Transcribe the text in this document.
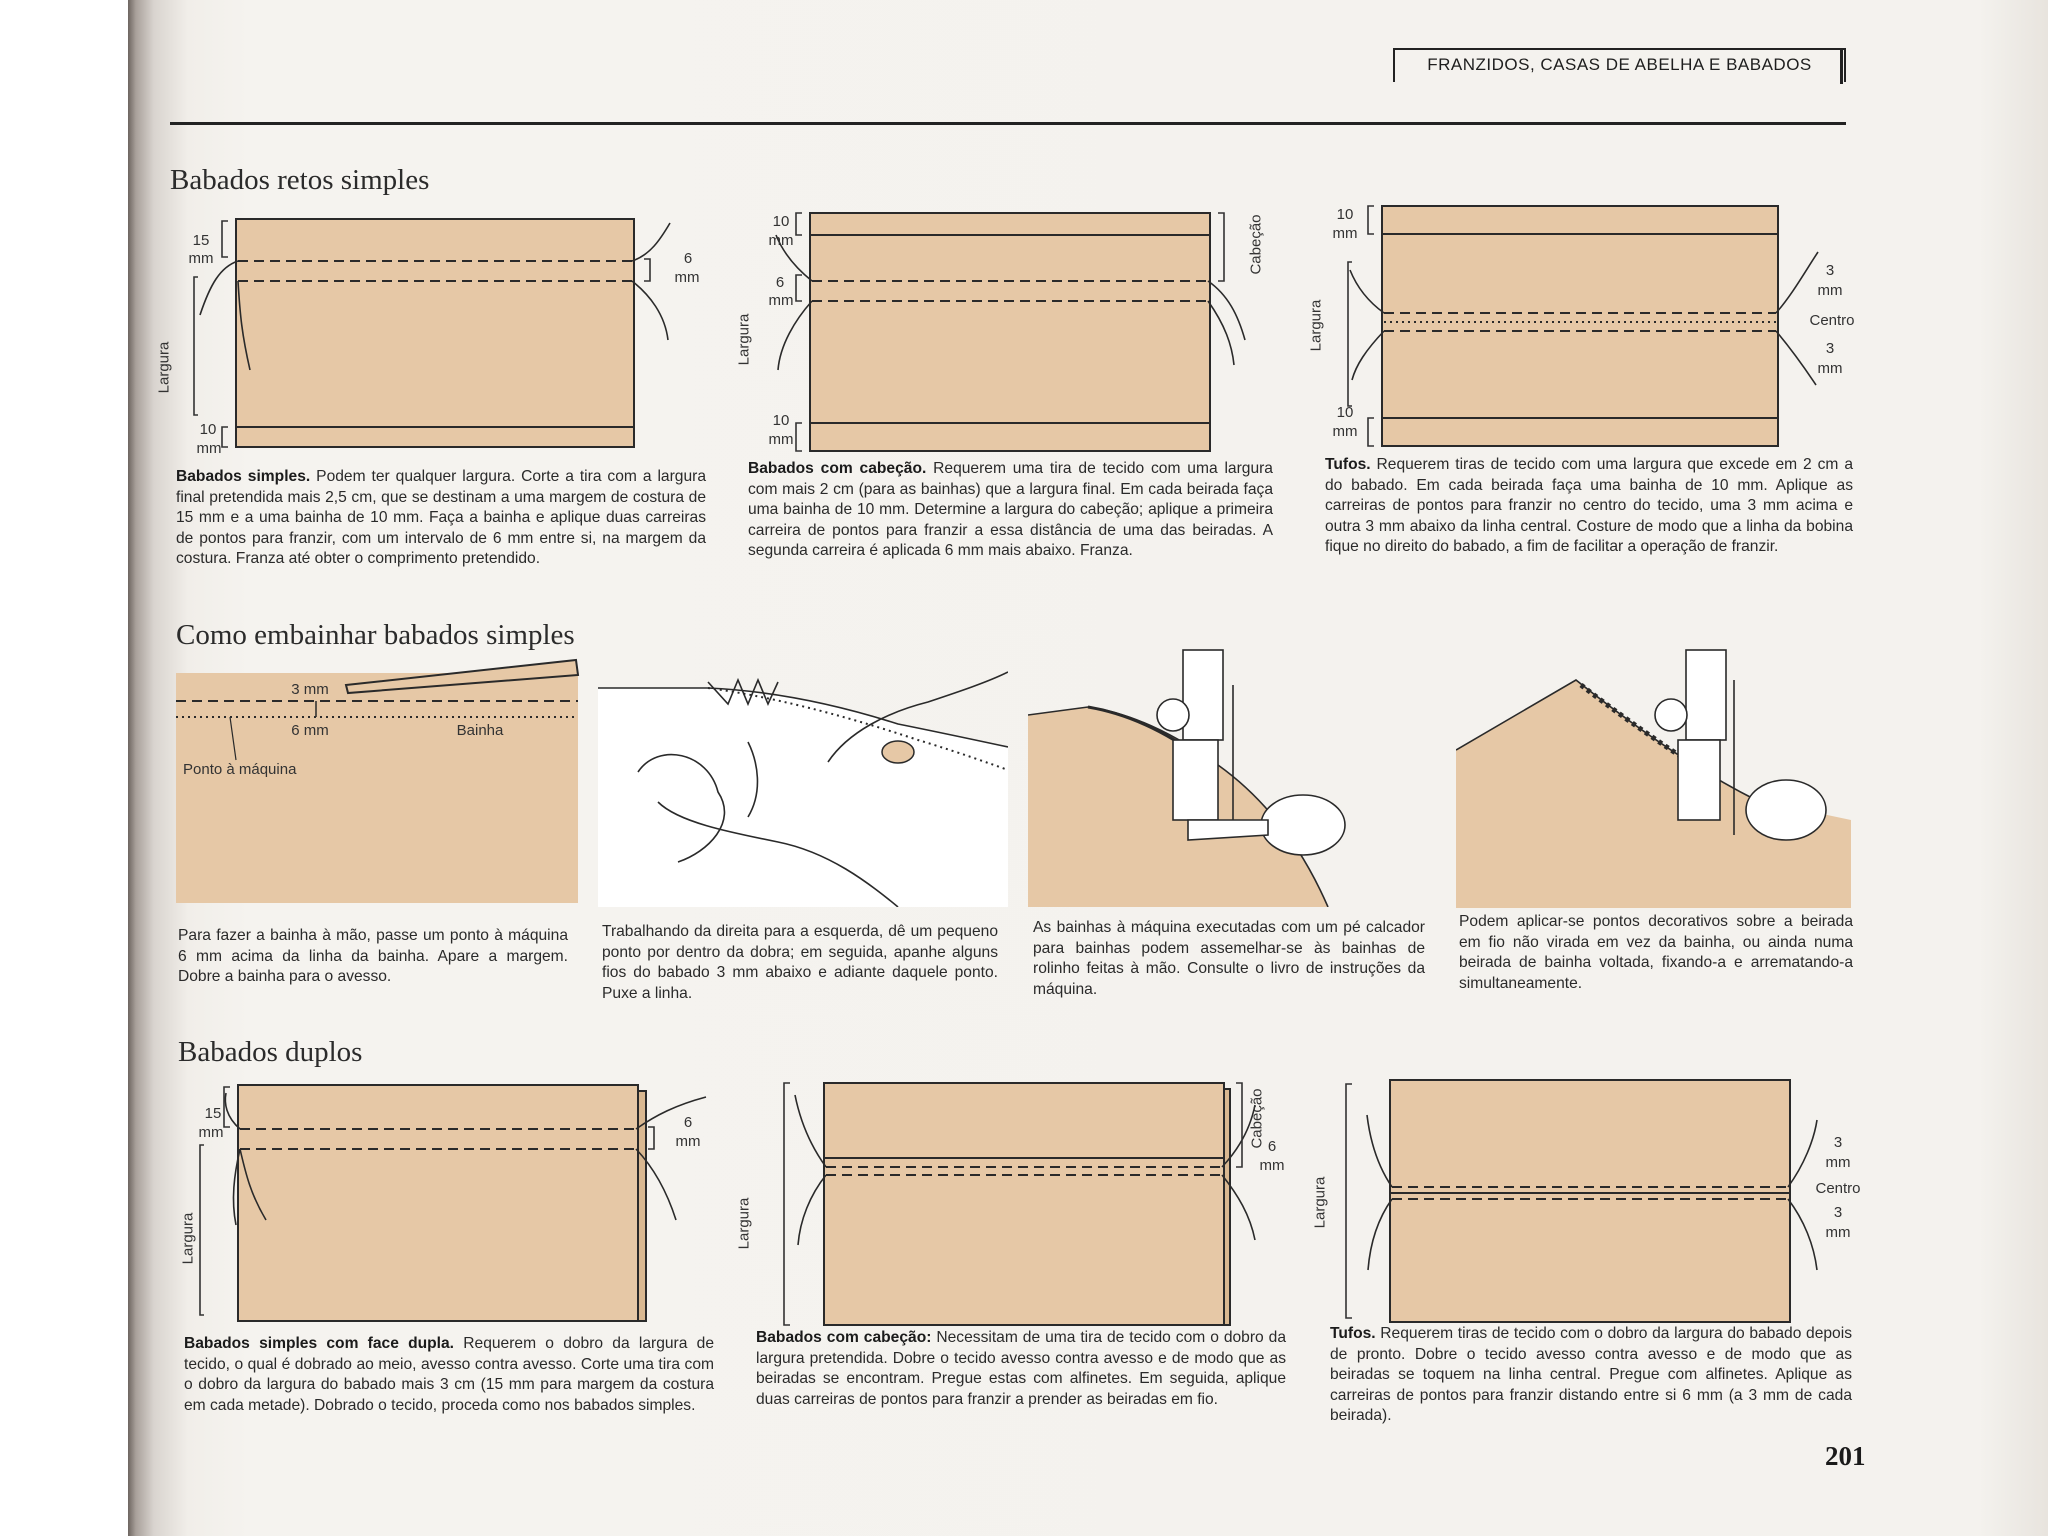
FRANZIDOS, CASAS DE ABELHA E BABADOS
Babados retos simples
15
mm	6
mm
Largura
10
mm
Babados simples. Podem ter qualquer largura. Corte a tira com a largura final pretendida mais 2,5 cm, que se destinam a uma margem de costura de 15 mm e a uma bainha de 10 mm. Faça a bainha e aplique duas carreiras de pontos para franzir, com um intervalo de 6 mm entre si, na margem da costura. Franza até obter o comprimento pretendido.
10
mm
6
mm
Largura
10
mm
Cabeção
Babados com cabeção. Requerem uma tira de tecido com uma largura com mais 2 cm (para as bainhas) que a largura final. Em cada beirada faça uma bainha de 10 mm. Determine a largura do cabeção; aplique a primeira carreira de pontos para franzir a essa distância de uma das beiradas. A segunda carreira é aplicada 6 mm mais abaixo. Franza.
10
mm
Largura
10
mm
3
mm
Centro
3
mm
Tufos. Requerem tiras de tecido com uma largura que excede em 2 cm a do babado. Em cada beirada faça uma bainha de 10 mm. Aplique as carreiras de pontos para franzir no centro do tecido, uma 3 mm acima e outra 3 mm abaixo da linha central. Costure de modo que a linha da bobina fique no direito do babado, a fim de facilitar a operação de franzir.
Como embainhar babados simples
3 mm
6 mm	Bainha
Ponto à máquina
Para fazer a bainha à mão, passe um ponto à máquina 6 mm acima da linha da bainha. Apare a margem. Dobre a bainha para o avesso.
Trabalhando da direita para a esquerda, dê um pequeno ponto por dentro da dobra; em seguida, apanhe alguns fios do babado 3 mm abaixo e adiante daquele ponto. Puxe a linha.
As bainhas à máquina executadas com um pé calcador para bainhas podem assemelhar-se às bainhas de rolinho feitas à mão. Consulte o livro de instruções da máquina.
Podem aplicar-se pontos decorativos sobre a beirada em fio não virada em vez da bainha, ou ainda numa beirada de bainha voltada, fixando-a e arrematando-a simultaneamente.
Babados duplos
15
mm
6
mm
Largura
Babados simples com face dupla. Requerem o dobro da largura de tecido, o qual é dobrado ao meio, avesso contra avesso. Corte uma tira com o dobro da largura do babado mais 3 cm (15 mm para margem da costura em cada metade). Dobrado o tecido, proceda como nos babados simples.
Largura
Cabeção 6
mm
Babados com cabeção: Necessitam de uma tira de tecido com o dobro da largura pretendida. Dobre o tecido avesso contra avesso e de modo que as beiradas se encontram. Pregue estas com alfinetes. Em seguida, aplique duas carreiras de pontos para franzir a prender as beiradas em fio.
Largura
3
mm
Centro
3
mm
Tufos. Requerem tiras de tecido com o dobro da largura do babado depois de pronto. Dobre o tecido avesso contra avesso e de modo que as beiradas se toquem na linha central. Pregue com alfinetes. Aplique as carreiras de pontos para franzir distando entre si 6 mm (a 3 mm de cada beirada).
201
